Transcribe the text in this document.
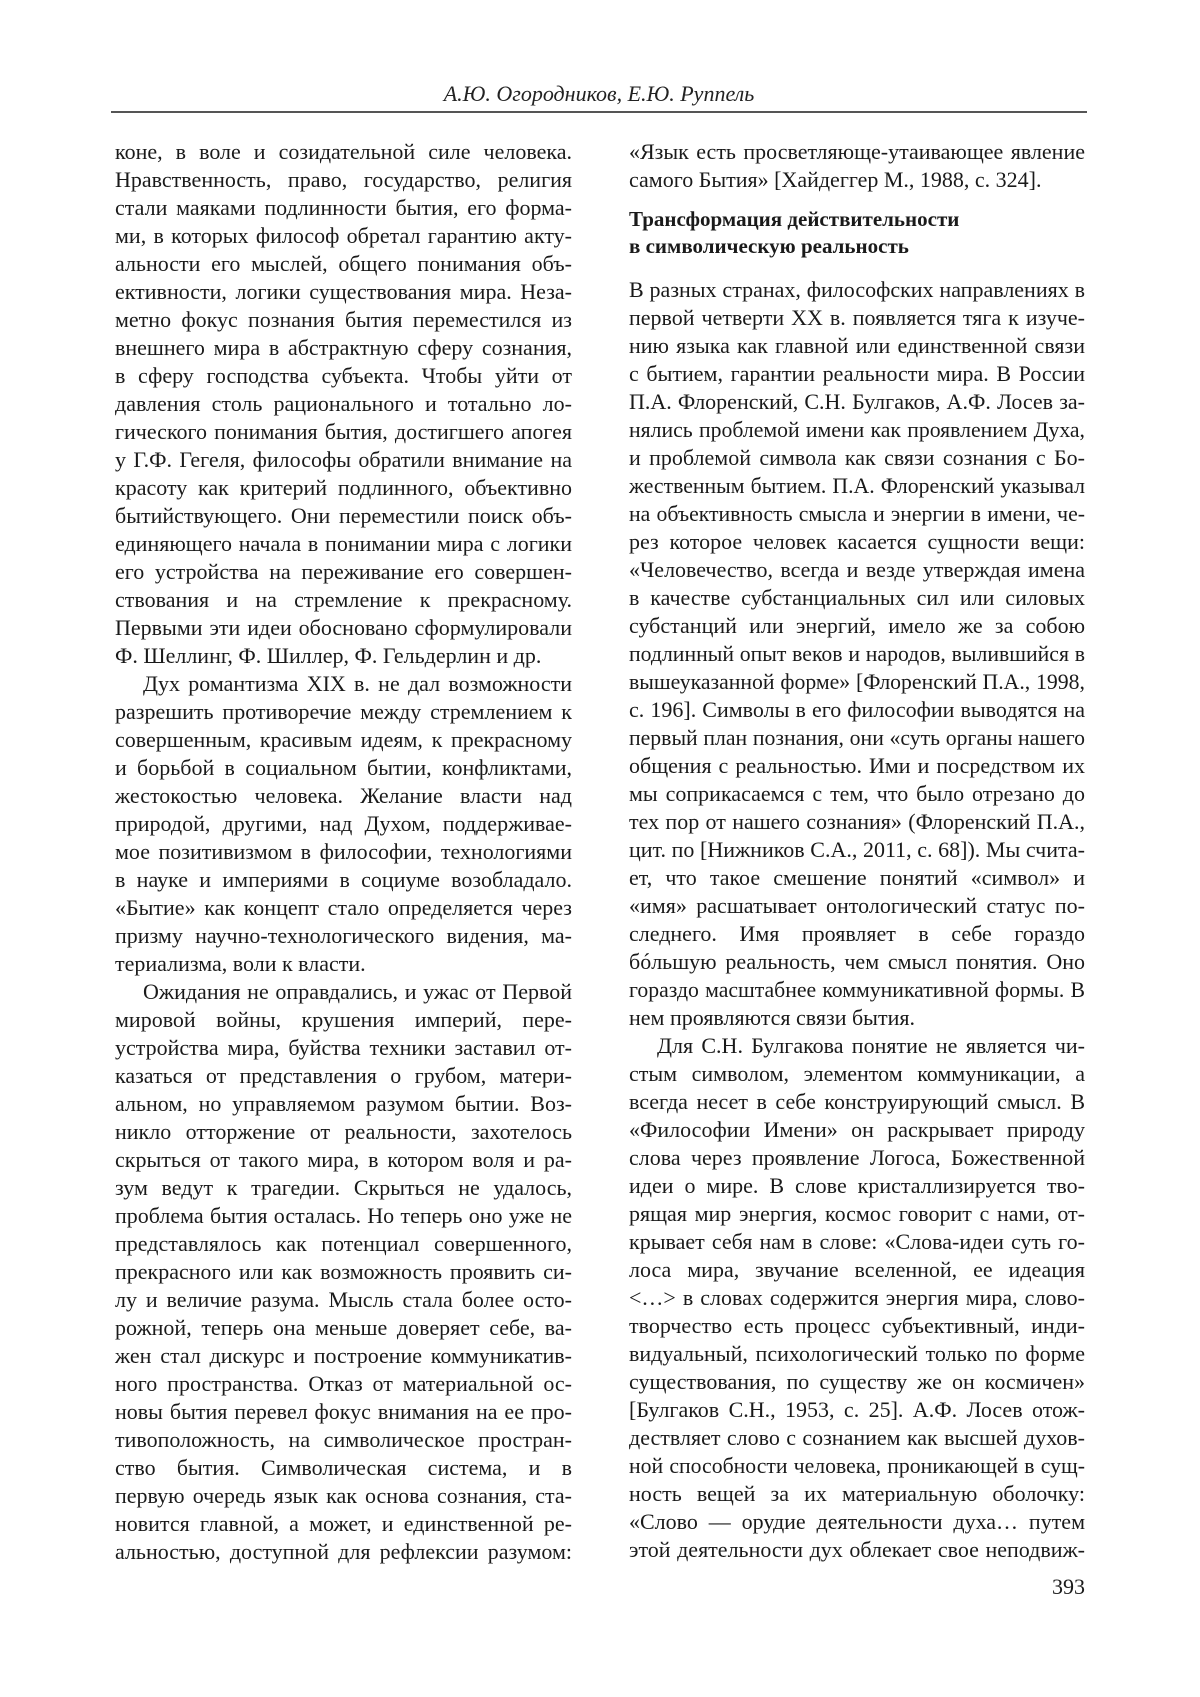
А.Ю. Огородников, Е.Ю. Руппель
коне, в воле и созидательной силе человека.
Нравственность, право, государство, религия
стали маяками подлинности бытия, его форма-
ми, в которых философ обретал гарантию акту-
альности его мыслей, общего понимания объ-
ективности, логики существования мира. Неза-
метно фокус познания бытия переместился из
внешнего мира в абстрактную сферу сознания,
в сферу господства субъекта. Чтобы уйти от
давления столь рационального и тотально ло-
гического понимания бытия, достигшего апогея
у Г.Ф. Гегеля, философы обратили внимание на
красоту как критерий подлинного, объективно
бытийствующего. Они переместили поиск объ-
единяющего начала в понимании мира с логики
его устройства на переживание его совершен-
ствования и на стремление к прекрасному.
Первыми эти идеи обосновано сформулировали
Ф. Шеллинг, Ф. Шиллер, Ф. Гельдерлин и др.
Дух романтизма XIX в. не дал возможности
разрешить противоречие между стремлением к
совершенным, красивым идеям, к прекрасному
и борьбой в социальном бытии, конфликтами,
жестокостью человека. Желание власти над
природой, другими, над Духом, поддерживае-
мое позитивизмом в философии, технологиями
в науке и империями в социуме возобладало.
«Бытие» как концепт стало определяется через
призму научно-технологического видения, ма-
териализма, воли к власти.
Ожидания не оправдались, и ужас от Первой
мировой войны, крушения империй, пере-
устройства мира, буйства техники заставил от-
казаться от представления о грубом, матери-
альном, но управляемом разумом бытии. Воз-
никло отторжение от реальности, захотелось
скрыться от такого мира, в котором воля и ра-
зум ведут к трагедии. Скрыться не удалось,
проблема бытия осталась. Но теперь оно уже не
представлялось как потенциал совершенного,
прекрасного или как возможность проявить си-
лу и величие разума. Мысль стала более осто-
рожной, теперь она меньше доверяет себе, ва-
жен стал дискурс и построение коммуникатив-
ного пространства. Отказ от материальной ос-
новы бытия перевел фокус внимания на ее про-
тивоположность, на символическое простран-
ство бытия. Символическая система, и в
первую очередь язык как основа сознания, ста-
новится главной, а может, и единственной ре-
альностью, доступной для рефлексии разумом:
«Язык есть просветляюще-утаивающее явление
самого Бытия» [Хайдеггер М., 1988, с. 324].
Трансформация действительности
в символическую реальность
В разных странах, философских направлениях в
первой четверти XX в. появляется тяга к изуче-
нию языка как главной или единственной связи
с бытием, гарантии реальности мира. В России
П.А. Флоренский, С.Н. Булгаков, А.Ф. Лосев за-
нялись проблемой имени как проявлением Духа,
и проблемой символа как связи сознания с Бо-
жественным бытием. П.А. Флоренский указывал
на объективность смысла и энергии в имени, че-
рез которое человек касается сущности вещи:
«Человечество, всегда и везде утверждая имена
в качестве субстанциальных сил или силовых
субстанций или энергий, имело же за собою
подлинный опыт веков и народов, вылившийся в
вышеуказанной форме» [Флоренский П.А., 1998,
с. 196]. Символы в его философии выводятся на
первый план познания, они «суть органы нашего
общения с реальностью. Ими и посредством их
мы соприкасаемся с тем, что было отрезано до
тех пор от нашего сознания» (Флоренский П.А.,
цит. по [Нижников С.А., 2011, с. 68]). Мы счита-
ет, что такое смешение понятий «символ» и
«имя» расшатывает онтологический статус по-
следнего. Имя проявляет в себе гораздо
бóльшую реальность, чем смысл понятия. Оно
гораздо масштабнее коммуникативной формы. В
нем проявляются связи бытия.
Для С.Н. Булгакова понятие не является чи-
стым символом, элементом коммуникации, а
всегда несет в себе конструирующий смысл. В
«Философии Имени» он раскрывает природу
слова через проявление Логоса, Божественной
идеи о мире. В слове кристаллизируется тво-
рящая мир энергия, космос говорит с нами, от-
крывает себя нам в слове: «Слова-идеи суть го-
лоса мира, звучание вселенной, ее идеация
<…> в словах содержится энергия мира, слово-
творчество есть процесс субъективный, инди-
видуальный, психологический только по форме
существования, по существу же он космичен»
[Булгаков С.Н., 1953, с. 25]. А.Ф. Лосев отож-
дествляет слово с сознанием как высшей духов-
ной способности человека, проникающей в сущ-
ность вещей за их материальную оболочку:
«Слово — орудие деятельности духа… путем
этой деятельности дух облекает свое неподвиж-
393
